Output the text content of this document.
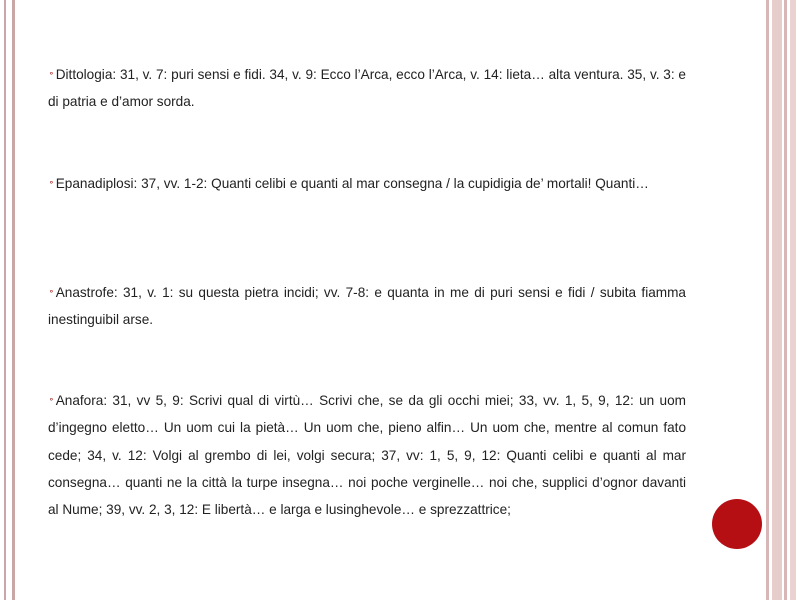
⚬Dittologia: 31, v. 7: puri sensi e fidi. 34, v. 9: Ecco l’Arca, ecco l’Arca, v. 14: lieta… alta ventura. 35, v. 3: e di patria e d’amor sorda.

⚬Epanadiplosi: 37, vv. 1-2: Quanti celibi e quanti al mar consegna / la cupidigia de’ mortali! Quanti…

⚬Anastrofe: 31, v. 1: su questa pietra incidi; vv. 7-8: e quanta in me di puri sensi e fidi / subita fiamma inestinguibil arse.

⚬Anafora: 31, vv 5, 9: Scrivi qual di virtù… Scrivi che, se da gli occhi miei; 33, vv. 1, 5, 9, 12: un uom d’ingegno eletto… Un uom cui la pietà… Un uom che, pieno alfin… Un uom che, mentre al comun fato cede; 34, v. 12: Volgi al grembo di lei, volgi secura; 37, vv: 1, 5, 9, 12: Quanti celibi e quanti al mar consegna… quanti ne la città la turpe insegna… noi poche verginelle… noi che, supplici d’ognor davanti al Nume; 39, vv. 2, 3, 12: E libertà… e larga e lusinghevole… e sprezzattrice;
